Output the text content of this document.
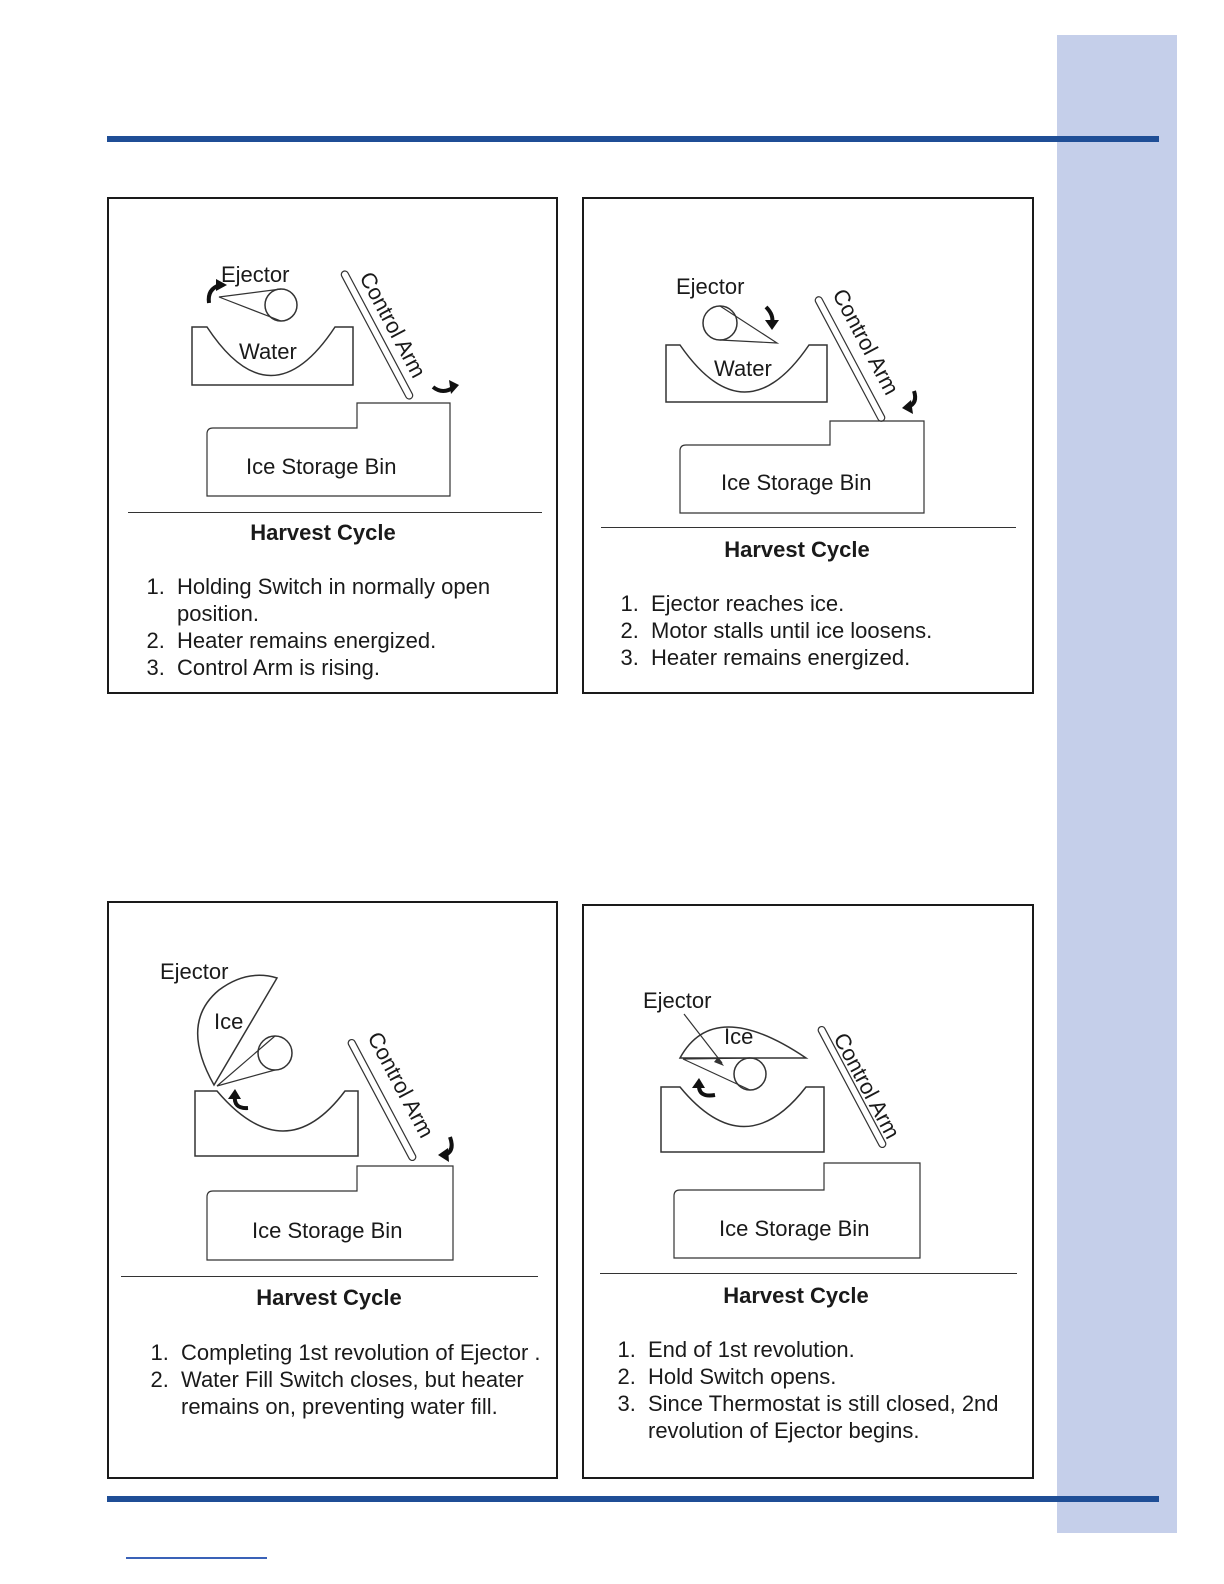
Ejector
Water	Control Arm
Ice Storage Bin

Harvest Cycle

1. Holding Switch in normally open position.
2. Heater remains energized.
3. Control Arm is rising.
Ejector
Water	Control Arm
Ice Storage Bin

Harvest Cycle

1. Ejector reaches ice.
2. Motor stalls until ice loosens.
3. Heater remains energized.
Ejector
Ice
Control Arm
Ice Storage Bin

Harvest Cycle

1. Completing 1st revolution of Ejector .
2. Water Fill Switch closes, but heater remains on, preventing water fill.
Ejector
Ice	Control Arm
Ice Storage Bin

Harvest Cycle

1. End of 1st revolution.
2. Hold Switch opens.
3. Since Thermostat is still closed, 2nd revolution of Ejector begins.
